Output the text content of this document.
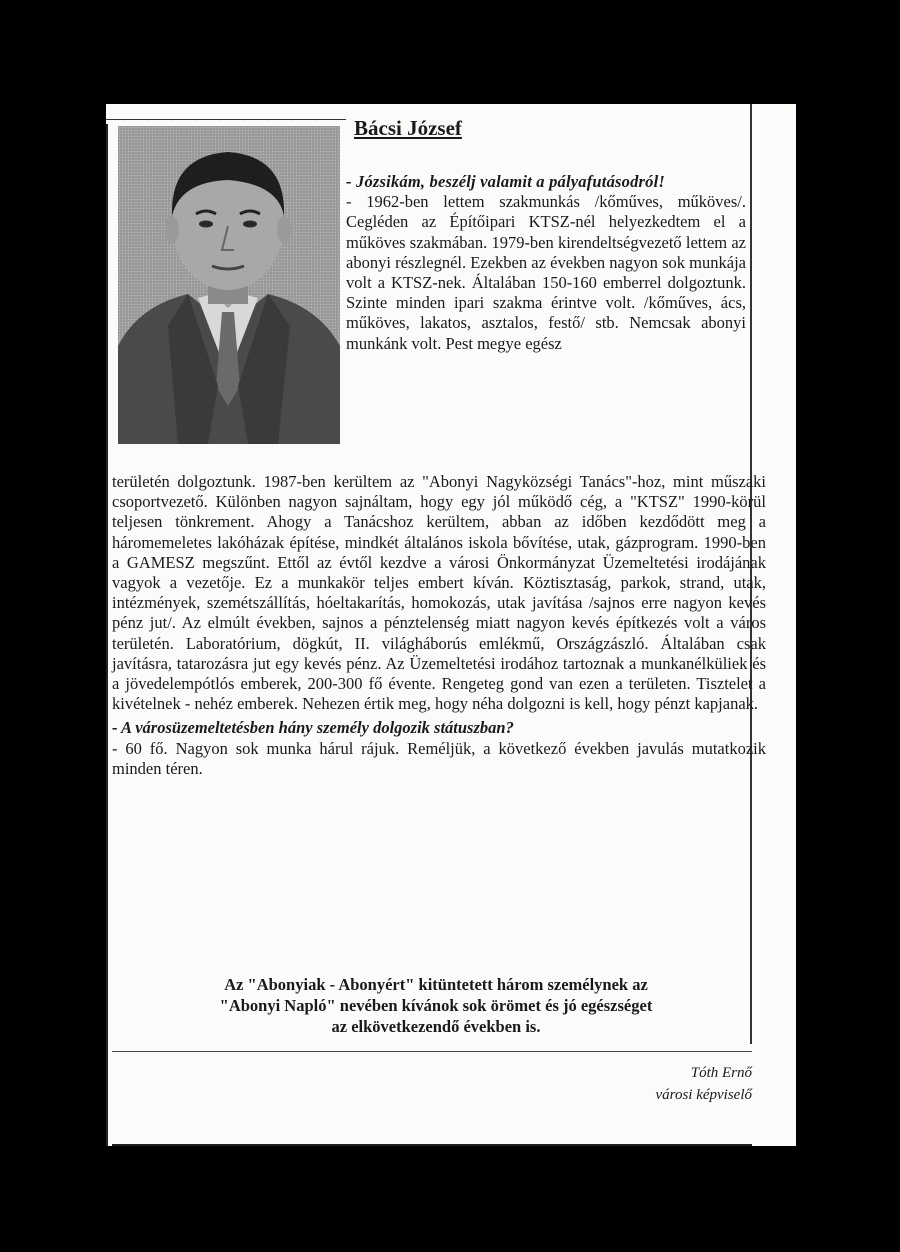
Bácsi József

- Józsikám, beszélj valamit a pályafutásodról!

- 1962-ben lettem szakmunkás /kőműves, műköves/. Cegléden az Építőipari KTSZ-nél helyezkedtem el a műköves szakmában. 1979-ben kirendeltségvezető lettem az abonyi részlegnél. Ezekben az években nagyon sok munkája volt a KTSZ-nek. Általában 150-160 emberrel dolgoztunk. Szinte minden ipari szakma érintve volt. /kőműves, ács, műköves, lakatos, asztalos, festő/ stb. Nemcsak abonyi munkánk volt. Pest megye egész

területén dolgoztunk. 1987-ben kerültem az "Abonyi Nagyközségi Tanács"-hoz, mint műszaki csoportvezető. Különben nagyon sajnáltam, hogy egy jól működő cég, a "KTSZ" 1990-körül teljesen tönkrement. Ahogy a Tanácshoz kerültem, abban az időben kezdődött meg a háromemeletes lakóházak építése, mindkét általános iskola bővítése, utak, gázprogram. 1990-ben a GAMESZ megszűnt. Ettől az évtől kezdve a városi Önkormányzat Üzemeltetési irodájának vagyok a vezetője. Ez a munkakör teljes embert kíván. Köztisztaság, parkok, strand, utak, intézmények, szemétszállítás, hóeltakarítás, homokozás, utak javítása /sajnos erre nagyon kevés pénz jut/. Az elmúlt években, sajnos a pénztelenség miatt nagyon kevés építkezés volt a város területén. Laboratórium, dögkút, II. világháborús emlékmű, Országzászló. Általában csak javításra, tatarozásra jut egy kevés pénz. Az Üzemeltetési irodához tartoznak a munkanélküliek és a jövedelempótlós emberek, 200-300 fő évente. Rengeteg gond van ezen a területen. Tisztelet a kivételnek - nehéz emberek. Nehezen értik meg, hogy néha dolgozni is kell, hogy pénzt kapjanak.

- A városüzemeltetésben hány személy dolgozik státuszban?

- 60 fő. Nagyon sok munka hárul rájuk. Reméljük, a következő években javulás mutatkozik minden téren.

Az "Abonyiak - Abonyért" kitüntetett három személynek az
"Abonyi Napló" nevében kívánok sok örömet és jó egészséget
az elkövetkezendő években is.
Tóth Ernő
városi képviselő
